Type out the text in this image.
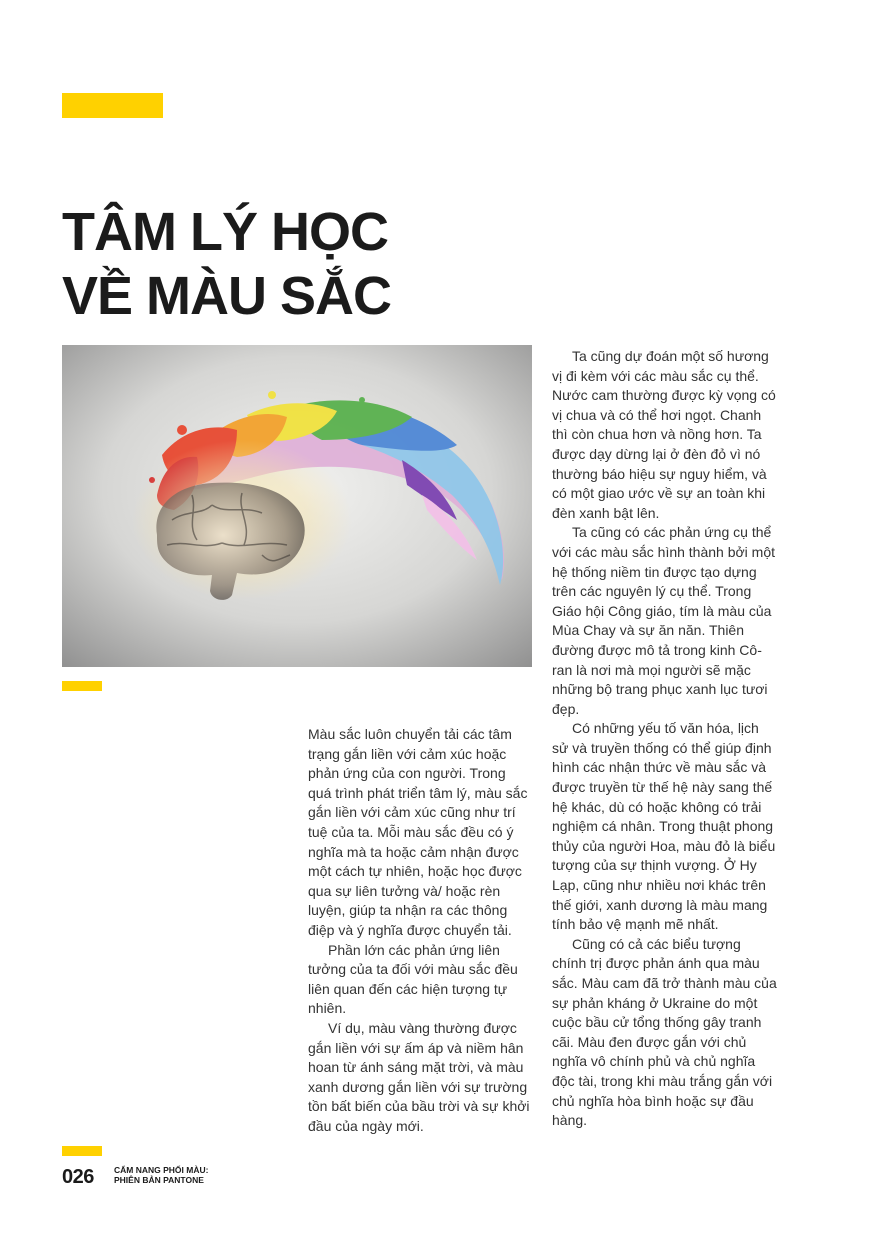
TÂM LÝ HỌC
VỀ MÀU SẮC

Màu sắc luôn chuyển tải các tâm trạng gắn liền với cảm xúc hoặc phản ứng của con người. Trong quá trình phát triển tâm lý, màu sắc gắn liền với cảm xúc cũng như trí tuệ của ta. Mỗi màu sắc đều có ý nghĩa mà ta hoặc cảm nhận được một cách tự nhiên, hoặc học được qua sự liên tưởng và/ hoặc rèn luyện, giúp ta nhận ra các thông điệp và ý nghĩa được chuyển tải.

Phần lớn các phản ứng liên tưởng của ta đối với màu sắc đều liên quan đến các hiện tượng tự nhiên.

Ví dụ, màu vàng thường được gắn liền với sự ấm áp và niềm hân hoan từ ánh sáng mặt trời, và màu xanh dương gắn liền với sự trường tồn bất biến của bầu trời và sự khởi đầu của ngày mới.

Ta cũng dự đoán một số hương vị đi kèm với các màu sắc cụ thể. Nước cam thường được kỳ vọng có vị chua và có thể hơi ngọt. Chanh thì còn chua hơn và nồng hơn. Ta được dạy dừng lại ở đèn đỏ vì nó thường báo hiệu sự nguy hiểm, và có một giao ước về sự an toàn khi đèn xanh bật lên.

Ta cũng có các phản ứng cụ thể với các màu sắc hình thành bởi một hệ thống niềm tin được tạo dựng trên các nguyên lý cụ thể. Trong Giáo hội Công giáo, tím là màu của Mùa Chay và sự ăn năn. Thiên đường được mô tả trong kinh Cô-ran là nơi mà mọi người sẽ mặc những bộ trang phục xanh lục tươi đẹp.

Có những yếu tố văn hóa, lịch sử và truyền thống có thể giúp định hình các nhận thức về màu sắc và được truyền từ thế hệ này sang thế hệ khác, dù có hoặc không có trải nghiệm cá nhân. Trong thuật phong thủy của người Hoa, màu đỏ là biểu tượng của sự thịnh vượng. Ở Hy Lạp, cũng như nhiều nơi khác trên thế giới, xanh dương là màu mang tính bảo vệ mạnh mẽ nhất.

Cũng có cả các biểu tượng chính trị được phản ánh qua màu sắc. Màu cam đã trở thành màu của sự phản kháng ở Ukraine do một cuộc bầu cử tổng thống gây tranh cãi. Màu đen được gắn với chủ nghĩa vô chính phủ và chủ nghĩa độc tài, trong khi màu trắng gắn với chủ nghĩa hòa bình hoặc sự đầu hàng.

026 CẨM NANG PHỐI MÀU:
PHIÊN BẢN PANTONE
